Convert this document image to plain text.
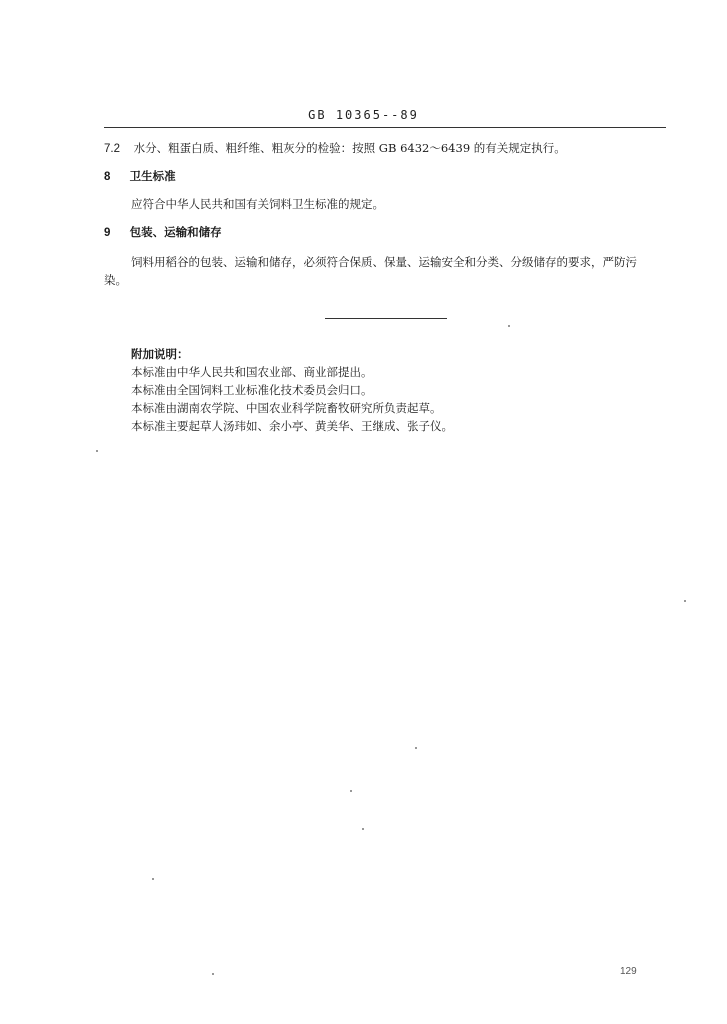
GB 10365--89
7.2 水分、粗蛋白质、粗纤维、粗灰分的检验：按照 GB 6432～6439 的有关规定执行。
8 卫生标准
应符合中华人民共和国有关饲料卫生标准的规定。
9 包装、运输和储存
饲料用稻谷的包装、运输和储存，必须符合保质、保量、运输安全和分类、分级储存的要求，严防污
染。
附加说明：
本标准由中华人民共和国农业部、商业部提出。
本标准由全国饲料工业标准化技术委员会归口。
本标准由湖南农学院、中国农业科学院畜牧研究所负责起草。
本标准主要起草人汤玮如、余小亭、黄美华、王继成、张子仪。
129
